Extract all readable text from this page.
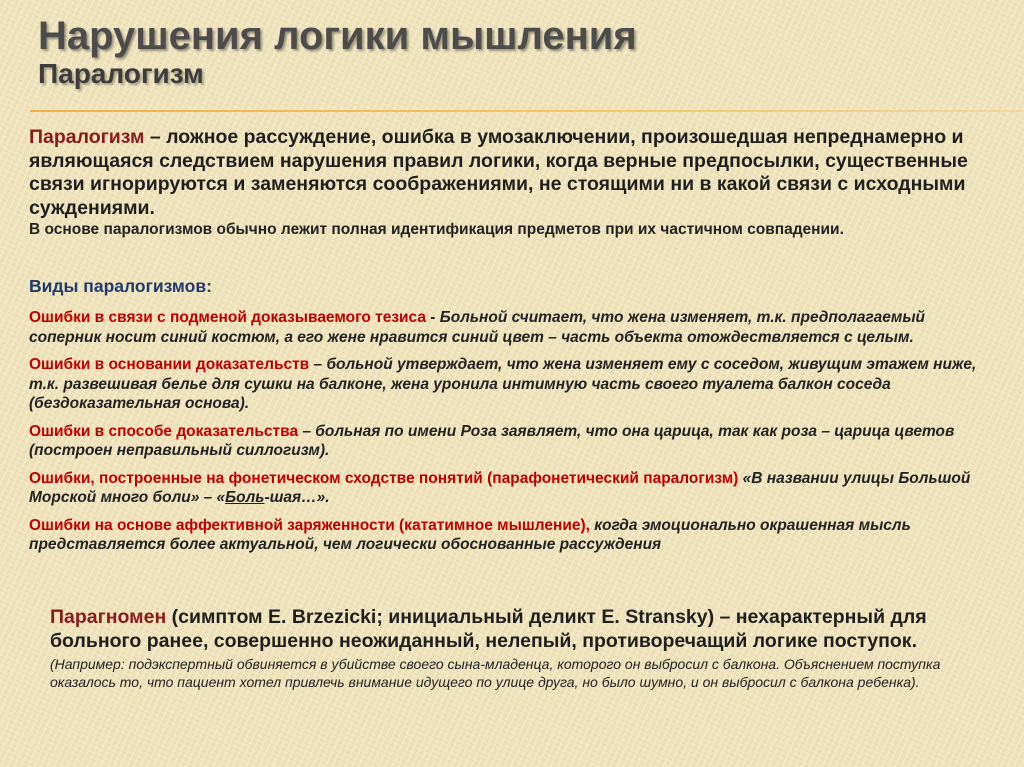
Нарушения логики мышления
Паралогизм
Паралогизм – ложное рассуждение, ошибка в умозаключении, произошедшая непреднамерно и являющаяся следствием нарушения правил логики, когда верные предпосылки, существенные связи игнорируются и заменяются соображениями, не стоящими ни в какой связи с исходными суждениями.
В основе паралогизмов обычно лежит полная идентификация предметов при их частичном совпадении.
Виды паралогизмов:
Ошибки в связи с подменой доказываемого тезиса - Больной считает, что жена изменяет, т.к. предполагаемый соперник носит синий костюм, а его жене нравится синий цвет – часть объекта отождествляется с целым.
Ошибки в основании доказательств – больной утверждает, что жена изменяет ему с соседом, живущим этажем ниже, т.к. развешивая белье для сушки на балконе, жена уронила интимную часть своего туалета балкон соседа (бездоказательная основа).
Ошибки в способе доказательства – больная по имени Роза заявляет, что она царица, так как роза – царица цветов (построен неправильный силлогизм).
Ошибки, построенные на фонетическом сходстве понятий (парафонетический паралогизм) «В названии улицы Большой Морской много боли» – «Боль-шая…».
Ошибки на основе аффективной заряженности (кататимное мышление), когда эмоционально окрашенная мысль представляется более актуальной, чем логически обоснованные рассуждения
Парагномен (симптом E. Brzezicki; инициальный деликт E. Stransky) – нехарактерный для больного ранее, совершенно неожиданный, нелепый, противоречащий логике поступок.
(Например: подэкспертный обвиняется в убийстве своего сына-младенца, которого он выбросил с балкона. Объяснением поступка оказалось то, что пациент хотел привлечь внимание идущего по улице друга, но было шумно, и он выбросил с балкона ребенка).
